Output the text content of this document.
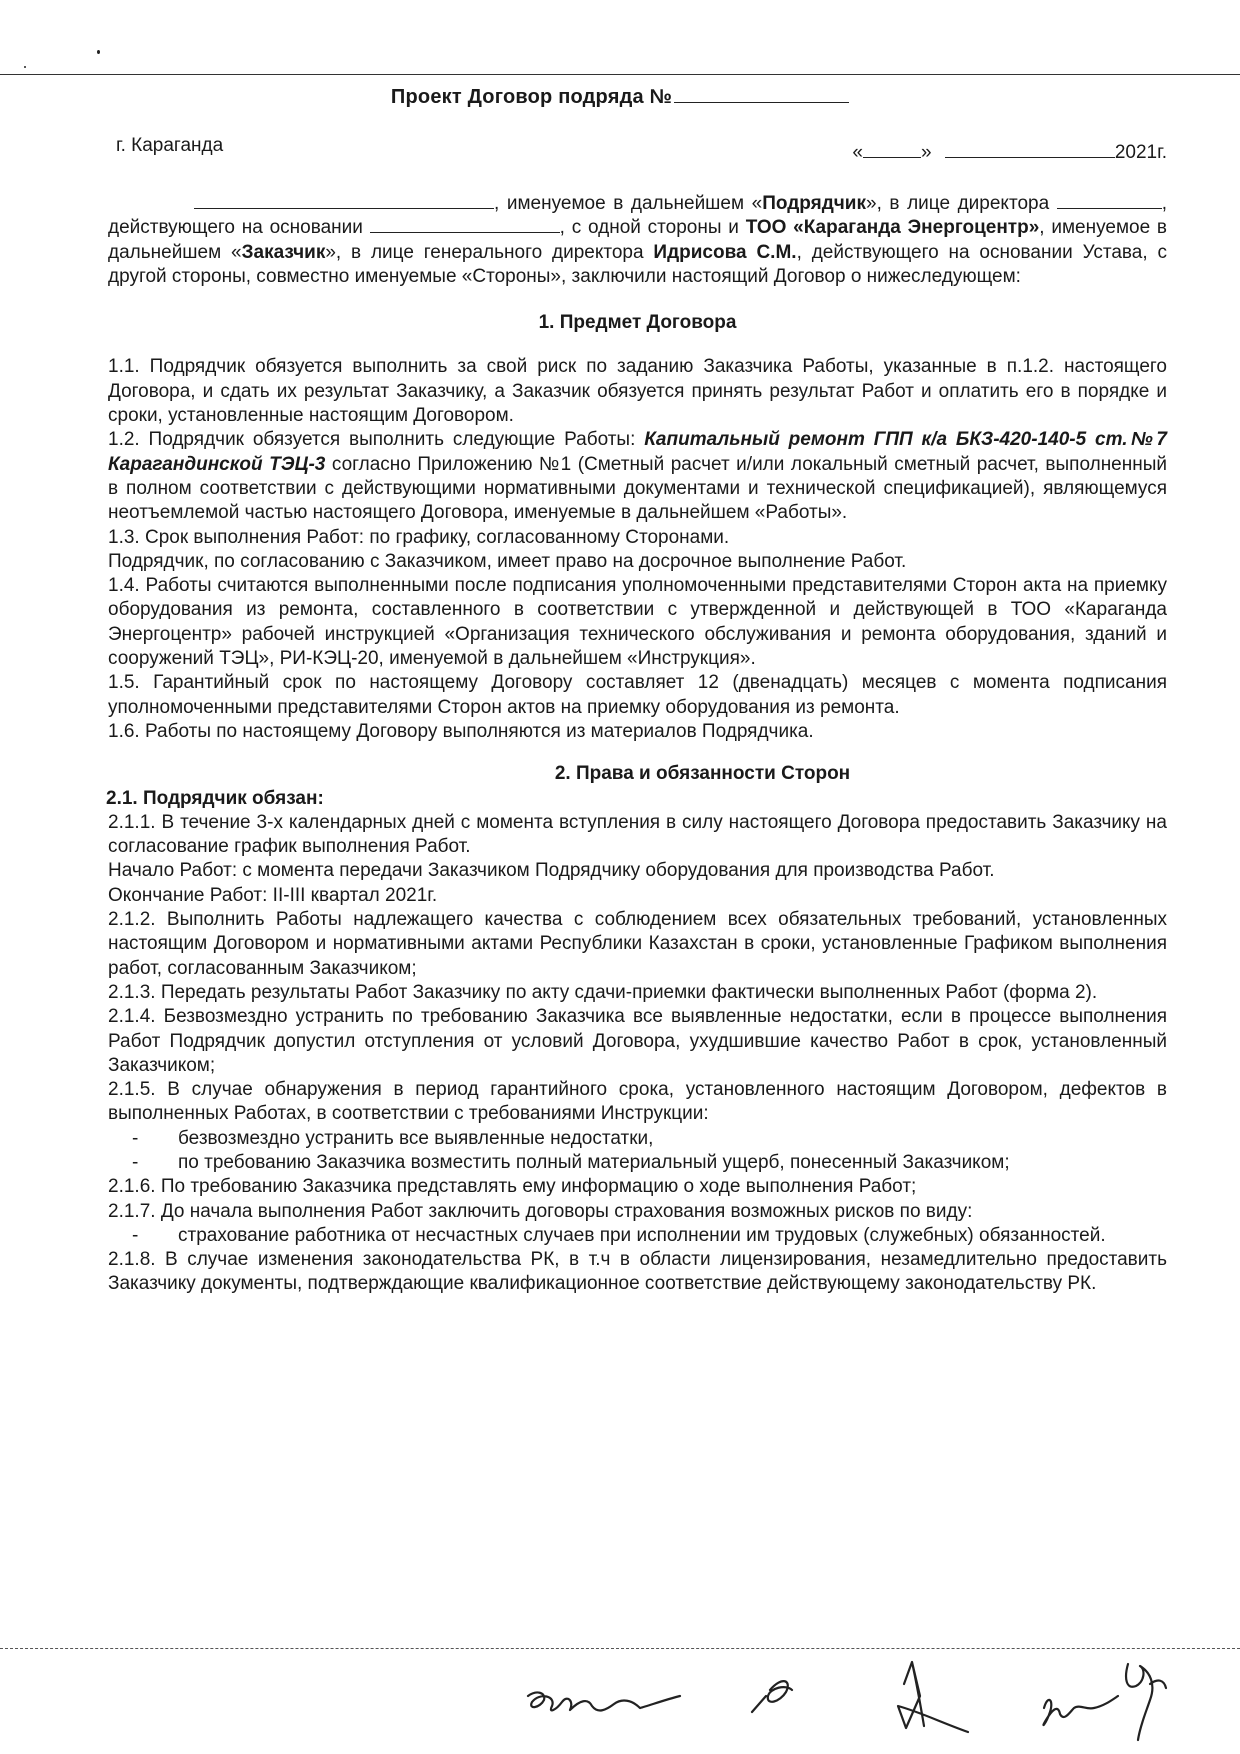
Проект Договор подряда №
г. Караганда	«	»	2021г.

, именуемое в дальнейшем «Подрядчик», в лице директора	, действующего на основании	, с одной стороны и ТОО «Караганда Энергоцентр», именуемое в дальнейшем «Заказчик», в лице генерального директора Идрисова С.М., действующего на основании Устава, с другой стороны, совместно именуемые «Стороны», заключили настоящий Договор о нижеследующем:

1. Предмет Договора

1.1. Подрядчик обязуется выполнить за свой риск по заданию Заказчика Работы, указанные в п.1.2. настоящего Договора, и сдать их результат Заказчику, а Заказчик обязуется принять результат Работ и оплатить его в порядке и сроки, установленные настоящим Договором.

1.2. Подрядчик обязуется выполнить следующие Работы: Капитальный ремонт ГПП к/а БКЗ-420-140-5 ст.№7 Карагандинской ТЭЦ-3 согласно Приложению №1 (Сметный расчет и/или локальный сметный расчет, выполненный в полном соответствии с действующими нормативными документами и технической спецификацией), являющемуся неотъемлемой частью настоящего Договора, именуемые в дальнейшем «Работы».

1.3. Срок выполнения Работ: по графику, согласованному Сторонами.

Подрядчик, по согласованию с Заказчиком, имеет право на досрочное выполнение Работ.

1.4. Работы считаются выполненными после подписания уполномоченными представителями Сторон акта на приемку оборудования из ремонта, составленного в соответствии с утвержденной и действующей в ТОО «Караганда Энергоцентр» рабочей инструкцией «Организация технического обслуживания и ремонта оборудования, зданий и сооружений ТЭЦ», РИ-КЭЦ-20, именуемой в дальнейшем «Инструкция».

1.5. Гарантийный срок по настоящему Договору составляет 12 (двенадцать) месяцев с момента подписания уполномоченными представителями Сторон актов на приемку оборудования из ремонта.

1.6. Работы по настоящему Договору выполняются из материалов Подрядчика.

2. Права и обязанности Сторон

2.1. Подрядчик обязан:

2.1.1. В течение 3-х календарных дней с момента вступления в силу настоящего Договора предоставить Заказчику на согласование график выполнения Работ.

Начало Работ: с момента передачи Заказчиком Подрядчику оборудования для производства Работ.

Окончание Работ: II-III квартал 2021г.

2.1.2. Выполнить Работы надлежащего качества с соблюдением всех обязательных требований, установленных настоящим Договором и нормативными актами Республики Казахстан в сроки, установленные Графиком выполнения работ, согласованным Заказчиком;

2.1.3. Передать результаты Работ Заказчику по акту сдачи-приемки фактически выполненных Работ (форма 2).

2.1.4. Безвозмездно устранить по требованию Заказчика все выявленные недостатки, если в процессе выполнения Работ Подрядчик допустил отступления от условий Договора, ухудшившие качество Работ в срок, установленный Заказчиком;

2.1.5. В случае обнаружения в период гарантийного срока, установленного настоящим Договором, дефектов в выполненных Работах, в соответствии с требованиями Инструкции:

- безвозмездно устранить все выявленные недостатки,

- по требованию Заказчика возместить полный материальный ущерб, понесенный Заказчиком;

2.1.6. По требованию Заказчика представлять ему информацию о ходе выполнения Работ;

2.1.7. До начала выполнения Работ заключить договоры страхования возможных рисков по виду:

- страхование работника от несчастных случаев при исполнении им трудовых (служебных) обязанностей.

2.1.8. В случае изменения законодательства РК, в т.ч в области лицензирования, незамедлительно предоставить Заказчику документы, подтверждающие квалификационное соответствие действующему законодательству РК.
